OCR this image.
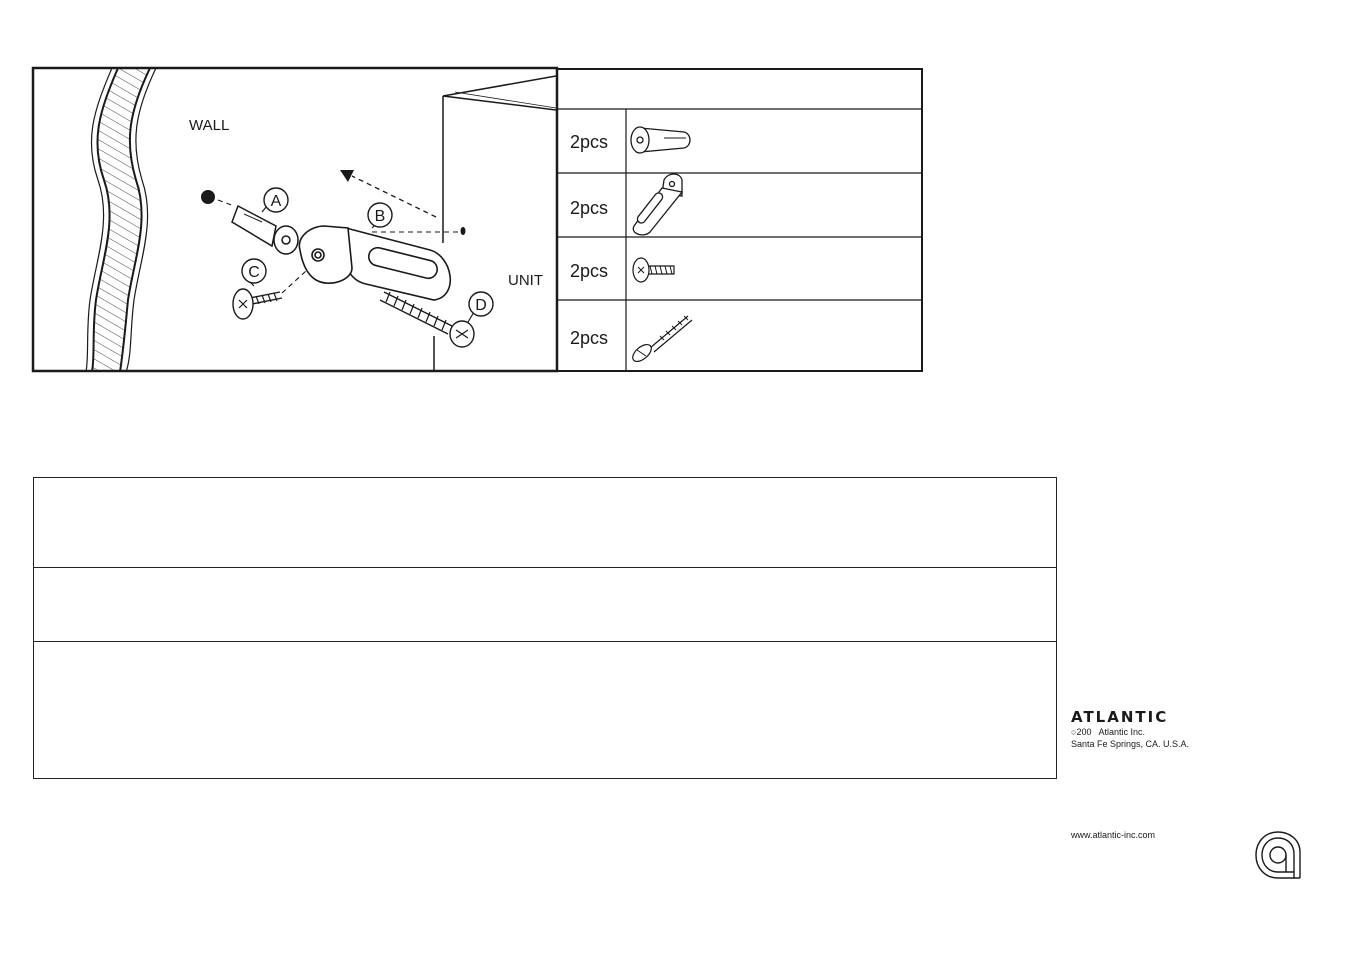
WALL
UNIT
A
B
C
D
2pcs
2pcs
2pcs
2pcs
ATLANTIC
○200   Atlantic Inc.
Santa Fe Springs, CA. U.S.A.
www.atlantic-inc.com
